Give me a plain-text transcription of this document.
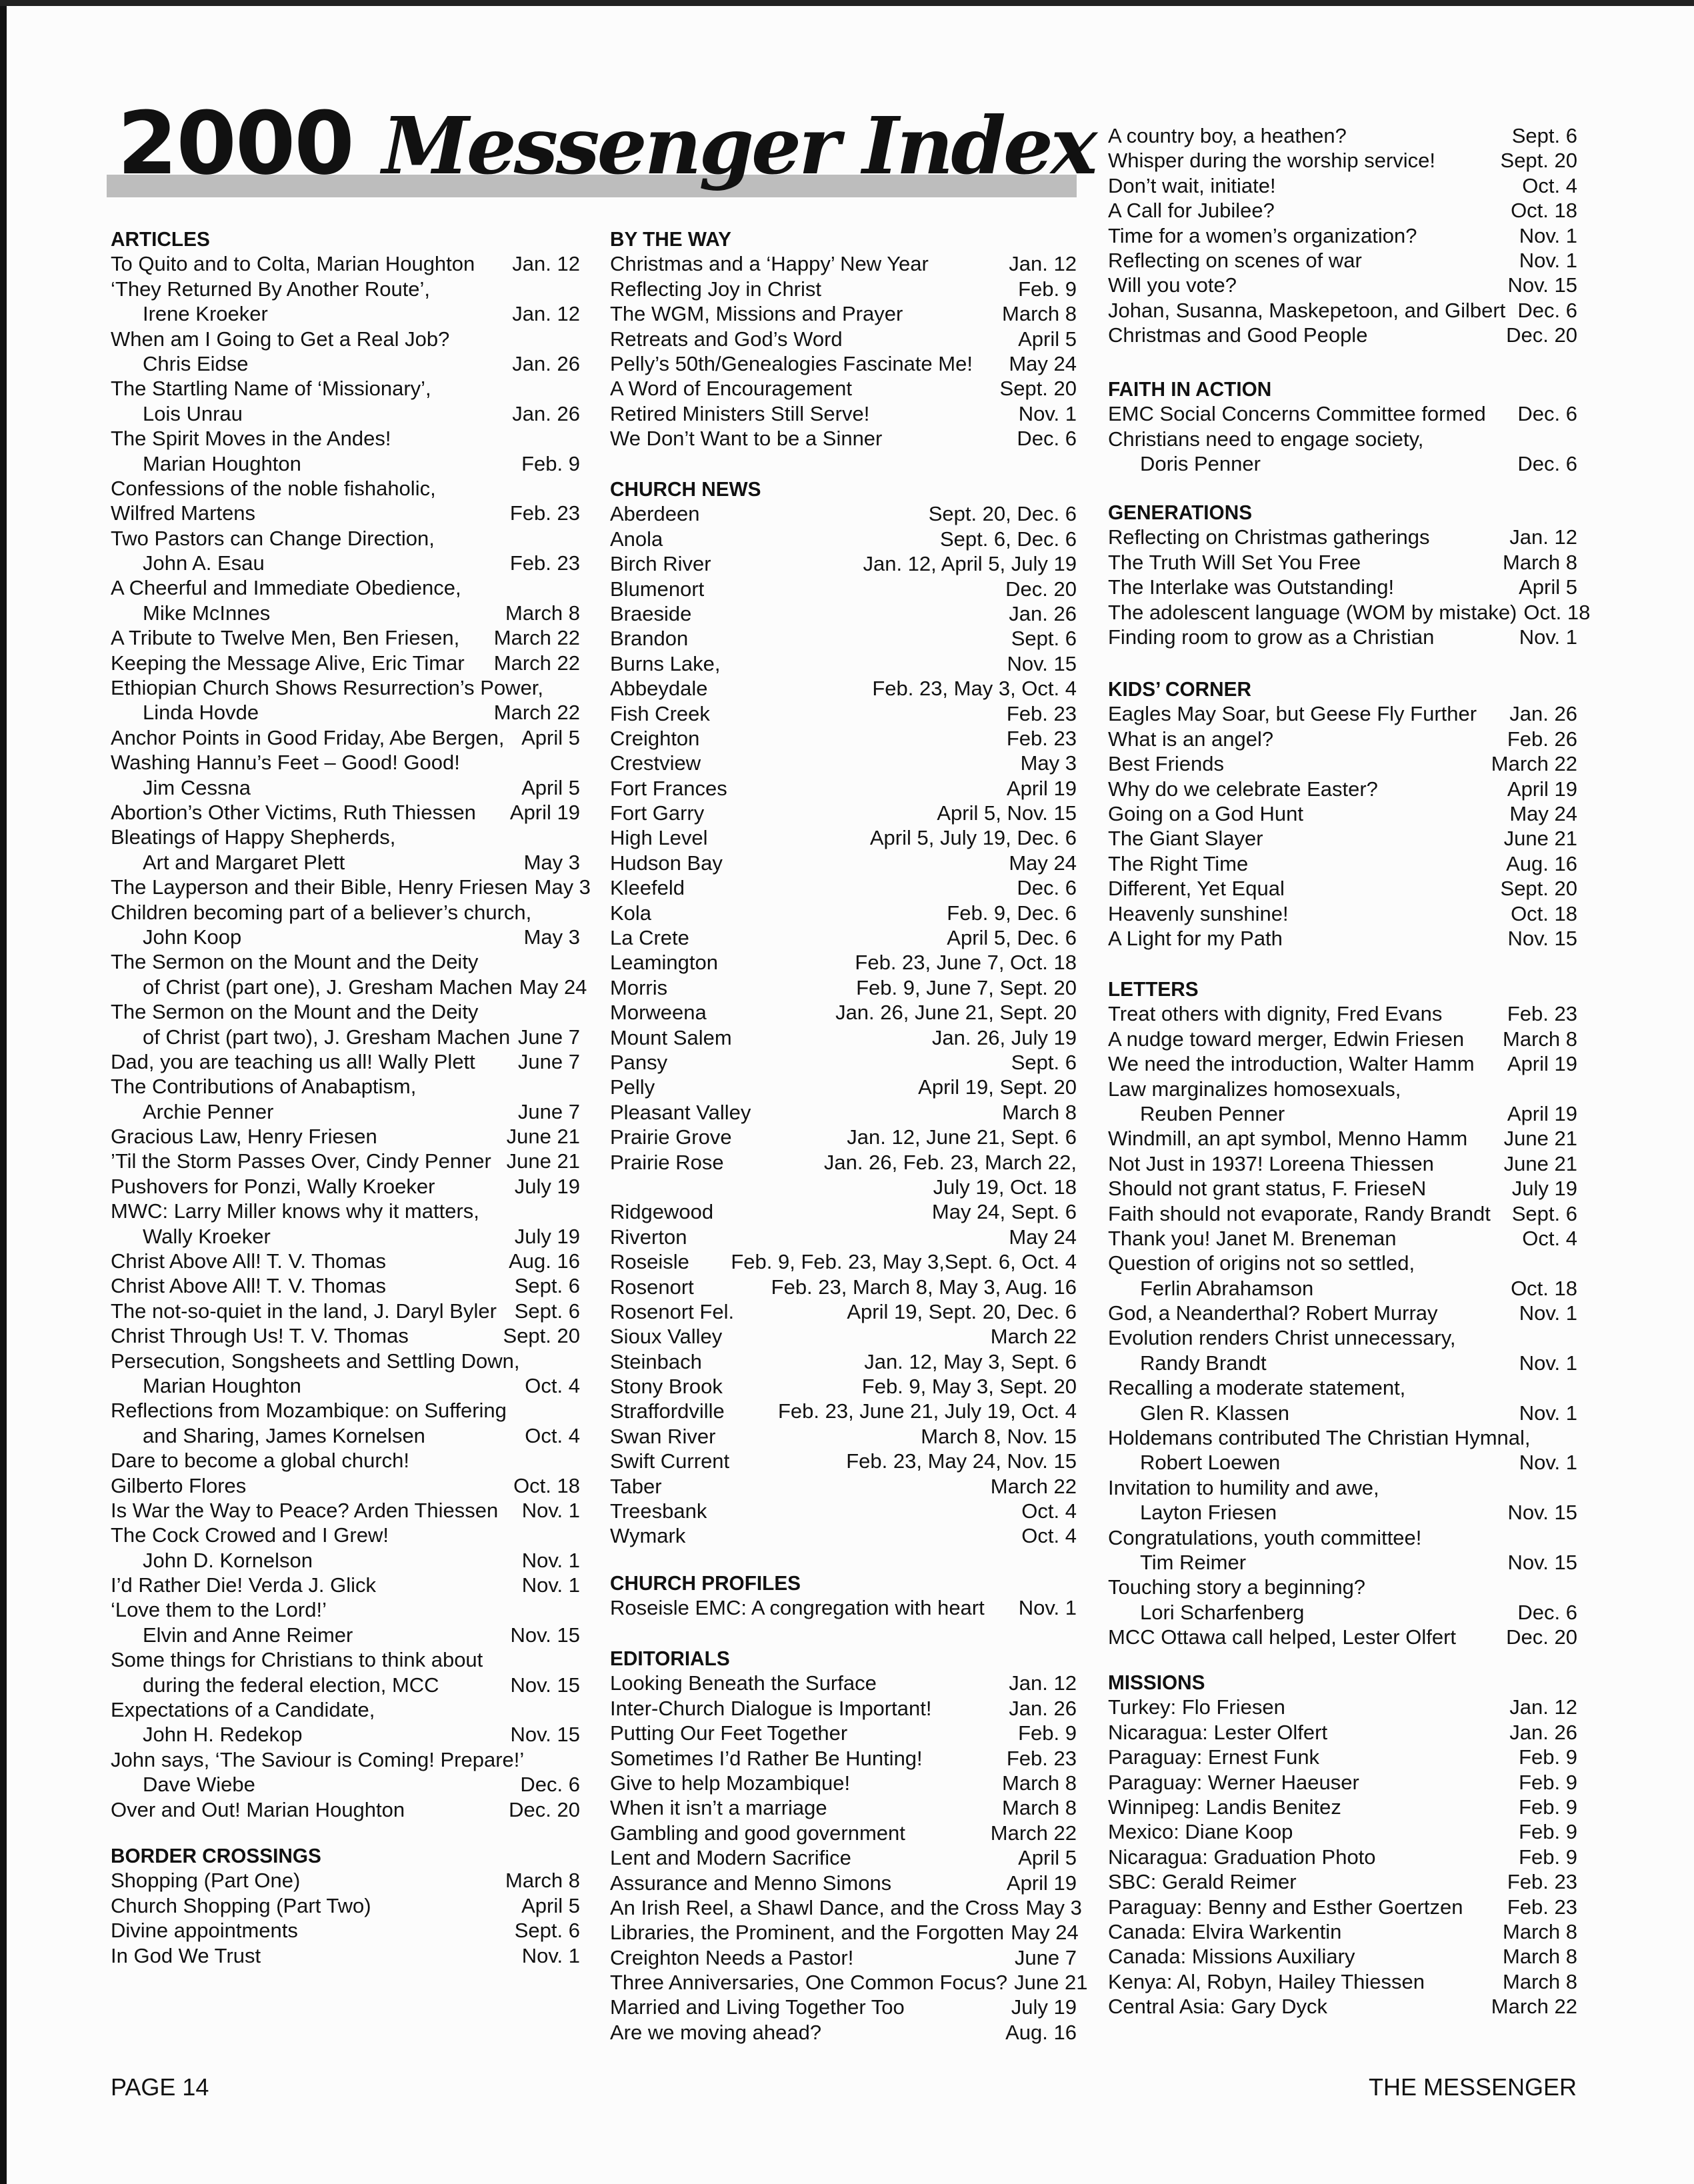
2000 Messenger Index
ARTICLES
To Quito and to Colta, Marian Houghton	Jan. 12
‘They Returned By Another Route’,
Irene Kroeker	Jan. 12
When am I Going to Get a Real Job?
Chris Eidse	Jan. 26
The Startling Name of ‘Missionary’,
Lois Unrau	Jan. 26
The Spirit Moves in the Andes!
Marian Houghton	Feb. 9
Confessions of the noble fishaholic,
Wilfred Martens	Feb. 23
Two Pastors can Change Direction,
John A. Esau	Feb. 23
A Cheerful and Immediate Obedience,
Mike McInnes	March 8
A Tribute to Twelve Men, Ben Friesen,	March 22
Keeping the Message Alive, Eric Timar	March 22
Ethiopian Church Shows Resurrection’s Power,
Linda Hovde	March 22
Anchor Points in Good Friday, Abe Bergen, April 5
Washing Hannu’s Feet – Good! Good!
Jim Cessna	April 5
Abortion’s Other Victims, Ruth Thiessen	April 19
Bleatings of Happy Shepherds,
Art and Margaret Plett	May 3
The Layperson and their Bible, Henry Friesen May 3
Children becoming part of a believer’s church,
John Koop	May 3
The Sermon on the Mount and the Deity
of Christ (part one), J. Gresham Machen May 24
The Sermon on the Mount and the Deity
of Christ (part two), J. Gresham Machen June 7
Dad, you are teaching us all! Wally Plett	June 7
The Contributions of Anabaptism,
Archie Penner	June 7
Gracious Law, Henry Friesen	June 21
’Til the Storm Passes Over, Cindy Penner June 21
Pushovers for Ponzi, Wally Kroeker	July 19
MWC: Larry Miller knows why it matters,
Wally Kroeker	July 19
Christ Above All! T. V. Thomas	Aug. 16
Christ Above All! T. V. Thomas	Sept. 6
The not-so-quiet in the land, J. Daryl Byler Sept. 6
Christ Through Us! T. V. Thomas	Sept. 20
Persecution, Songsheets and Settling Down,
Marian Houghton	Oct. 4
Reflections from Mozambique: on Suffering
and Sharing, James Kornelsen	Oct. 4
Dare to become a global church!
Gilberto Flores	Oct. 18
Is War the Way to Peace? Arden Thiessen	Nov. 1
The Cock Crowed and I Grew!
John D. Kornelson	Nov. 1
I’d Rather Die! Verda J. Glick	Nov. 1
‘Love them to the Lord!’
Elvin and Anne Reimer	Nov. 15
Some things for Christians to think about
during the federal election, MCC	Nov. 15
Expectations of a Candidate,
John H. Redekop	Nov. 15
John says, ‘The Saviour is Coming! Prepare!’
Dave Wiebe	Dec. 6
Over and Out! Marian Houghton	Dec. 20
BORDER CROSSINGS
Shopping (Part One)	March 8
Church Shopping (Part Two)	April 5
Divine appointments	Sept. 6
In God We Trust	Nov. 1
BY THE WAY
Christmas and a ‘Happy’ New Year	Jan. 12
Reflecting Joy in Christ	Feb. 9
The WGM, Missions and Prayer	March 8
Retreats and God’s Word	April 5
Pelly’s 50th/Genealogies Fascinate Me!	May 24
A Word of Encouragement	Sept. 20
Retired Ministers Still Serve!	Nov. 1
We Don’t Want to be a Sinner	Dec. 6
CHURCH NEWS
Aberdeen	Sept. 20, Dec. 6
Anola	Sept. 6, Dec. 6
Birch River	Jan. 12, April 5, July 19
Blumenort	Dec. 20
Braeside	Jan. 26
Brandon	Sept. 6
Burns Lake,	Nov. 15
Abbeydale	Feb. 23, May 3, Oct. 4
Fish Creek	Feb. 23
Creighton	Feb. 23
Crestview	May 3
Fort Frances	April 19
Fort Garry	April 5, Nov. 15
High Level	April 5, July 19, Dec. 6
Hudson Bay	May 24
Kleefeld	Dec. 6
Kola	Feb. 9, Dec. 6
La Crete	April 5, Dec. 6
Leamington	Feb. 23, June 7, Oct. 18
Morris	Feb. 9, June 7, Sept. 20
Morweena	Jan. 26, June 21, Sept. 20
Mount Salem	Jan. 26, July 19
Pansy	Sept. 6
Pelly	April 19, Sept. 20
Pleasant Valley	March 8
Prairie Grove	Jan. 12, June 21, Sept. 6
Prairie Rose	Jan. 26, Feb. 23, March 22,
July 19, Oct. 18
Ridgewood	May 24, Sept. 6
Riverton	May 24
Roseisle	Feb. 9, Feb. 23, May 3,Sept. 6, Oct. 4
Rosenort	Feb. 23, March 8, May 3, Aug. 16
Rosenort Fel.	April 19, Sept. 20, Dec. 6
Sioux Valley	March 22
Steinbach	Jan. 12, May 3, Sept. 6
Stony Brook	Feb. 9, May 3, Sept. 20
Straffordville	Feb. 23, June 21, July 19, Oct. 4
Swan River	March 8, Nov. 15
Swift Current	Feb. 23, May 24, Nov. 15
Taber	March 22
Treesbank	Oct. 4
Wymark	Oct. 4
CHURCH PROFILES
Roseisle EMC: A congregation with heart	Nov. 1
EDITORIALS
Looking Beneath the Surface	Jan. 12
Inter-Church Dialogue is Important!	Jan. 26
Putting Our Feet Together	Feb. 9
Sometimes I’d Rather Be Hunting!	Feb. 23
Give to help Mozambique!	March 8
When it isn’t a marriage	March 8
Gambling and good government	March 22
Lent and Modern Sacrifice	April 5
Assurance and Menno Simons	April 19
An Irish Reel, a Shawl Dance, and the Cross May 3
Libraries, the Prominent, and the Forgotten May 24
Creighton Needs a Pastor!	June 7
Three Anniversaries, One Common Focus? June 21
Married and Living Together Too	July 19
Are we moving ahead?	Aug. 16
A country boy, a heathen?	Sept. 6
Whisper during the worship service!	Sept. 20
Don’t wait, initiate!	Oct. 4
A Call for Jubilee?	Oct. 18
Time for a women’s organization?	Nov. 1
Reflecting on scenes of war	Nov. 1
Will you vote?	Nov. 15
Johan, Susanna, Maskepetoon, and Gilbert Dec. 6
Christmas and Good People	Dec. 20
FAITH IN ACTION
EMC Social Concerns Committee formed	Dec. 6
Christians need to engage society,
Doris Penner	Dec. 6
GENERATIONS
Reflecting on Christmas gatherings	Jan. 12
The Truth Will Set You Free	March 8
The Interlake was Outstanding!	April 5
The adolescent language (WOM by mistake) Oct. 18
Finding room to grow as a Christian	Nov. 1
KIDS’ CORNER
Eagles May Soar, but Geese Fly Further	Jan. 26
What is an angel?	Feb. 26
Best Friends	March 22
Why do we celebrate Easter?	April 19
Going on a God Hunt	May 24
The Giant Slayer	June 21
The Right Time	Aug. 16
Different, Yet Equal	Sept. 20
Heavenly sunshine!	Oct. 18
A Light for my Path	Nov. 15
LETTERS
Treat others with dignity, Fred Evans	Feb. 23
A nudge toward merger, Edwin Friesen	March 8
We need the introduction, Walter Hamm	April 19
Law marginalizes homosexuals,
Reuben Penner	April 19
Windmill, an apt symbol, Menno Hamm	June 21
Not Just in 1937! Loreena Thiessen	June 21
Should not grant status, F. FrieseN	July 19
Faith should not evaporate, Randy Brandt	Sept. 6
Thank you! Janet M. Breneman	Oct. 4
Question of origins not so settled,
Ferlin Abrahamson	Oct. 18
God, a Neanderthal? Robert Murray	Nov. 1
Evolution renders Christ unnecessary,
Randy Brandt	Nov. 1
Recalling a moderate statement,
Glen R. Klassen	Nov. 1
Holdemans contributed The Christian Hymnal,
Robert Loewen	Nov. 1
Invitation to humility and awe,
Layton Friesen	Nov. 15
Congratulations, youth committee!
Tim Reimer	Nov. 15
Touching story a beginning?
Lori Scharfenberg	Dec. 6
MCC Ottawa call helped, Lester Olfert	Dec. 20
MISSIONS
Turkey: Flo Friesen	Jan. 12
Nicaragua: Lester Olfert	Jan. 26
Paraguay: Ernest Funk	Feb. 9
Paraguay: Werner Haeuser	Feb. 9
Winnipeg: Landis Benitez	Feb. 9
Mexico: Diane Koop	Feb. 9
Nicaragua: Graduation Photo	Feb. 9
SBC: Gerald Reimer	Feb. 23
Paraguay: Benny and Esther Goertzen	Feb. 23
Canada: Elvira Warkentin	March 8
Canada: Missions Auxiliary	March 8
Kenya: Al, Robyn, Hailey Thiessen	March 8
Central Asia: Gary Dyck	March 22
PAGE 14	THE MESSENGER
